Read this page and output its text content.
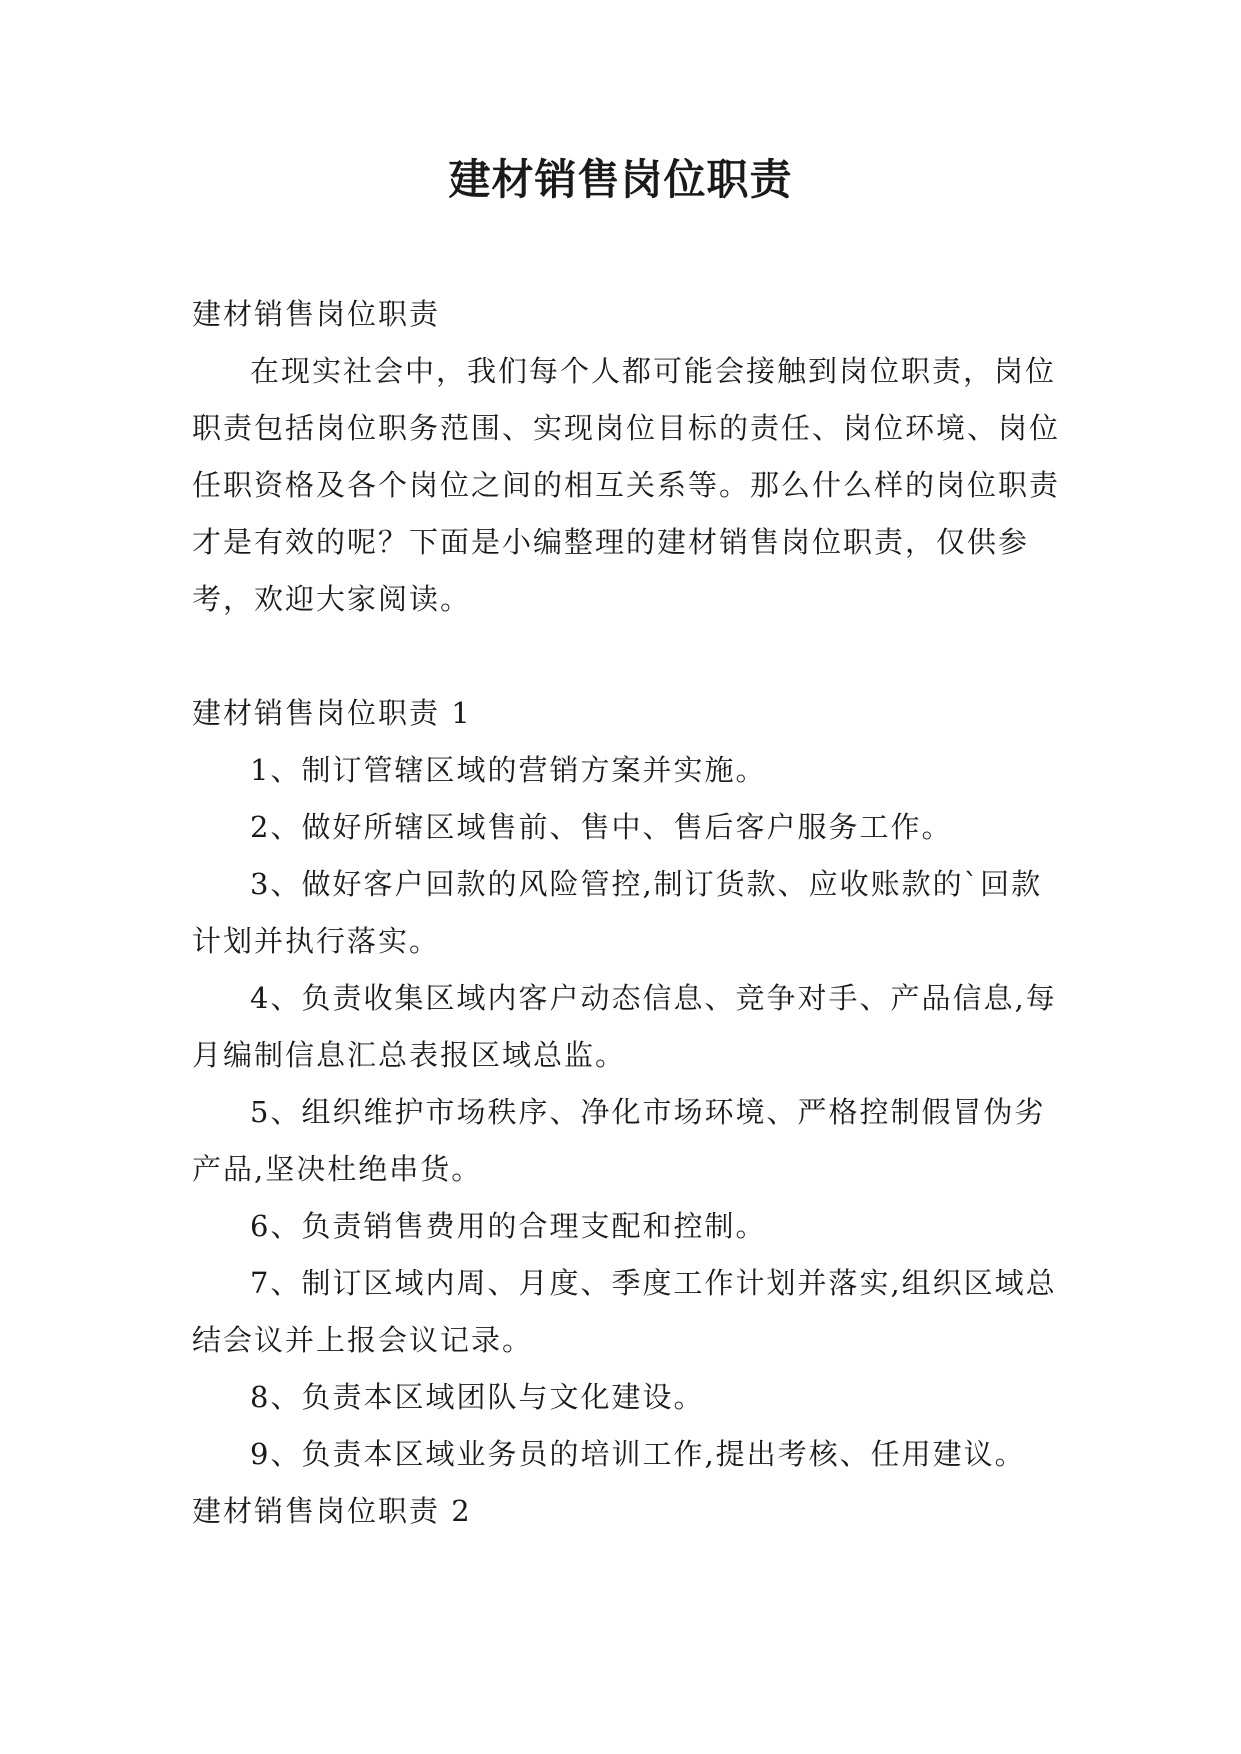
建材销售岗位职责

建材销售岗位职责

在现实社会中，我们每个人都可能会接触到岗位职责，岗位职责包括岗位职务范围、实现岗位目标的责任、岗位环境、岗位任职资格及各个岗位之间的相互关系等。那么什么样的岗位职责才是有效的呢？下面是小编整理的建材销售岗位职责，仅供参考，欢迎大家阅读。

建材销售岗位职责 1

1、制订管辖区域的营销方案并实施。

2、做好所辖区域售前、售中、售后客户服务工作。

3、做好客户回款的风险管控,制订货款、应收账款的`回款计划并执行落实。

4、负责收集区域内客户动态信息、竞争对手、产品信息,每月编制信息汇总表报区域总监。

5、组织维护市场秩序、净化市场环境、严格控制假冒伪劣产品,坚决杜绝串货。

6、负责销售费用的合理支配和控制。

7、制订区域内周、月度、季度工作计划并落实,组织区域总结会议并上报会议记录。

8、负责本区域团队与文化建设。

9、负责本区域业务员的培训工作,提出考核、任用建议。

建材销售岗位职责 2
